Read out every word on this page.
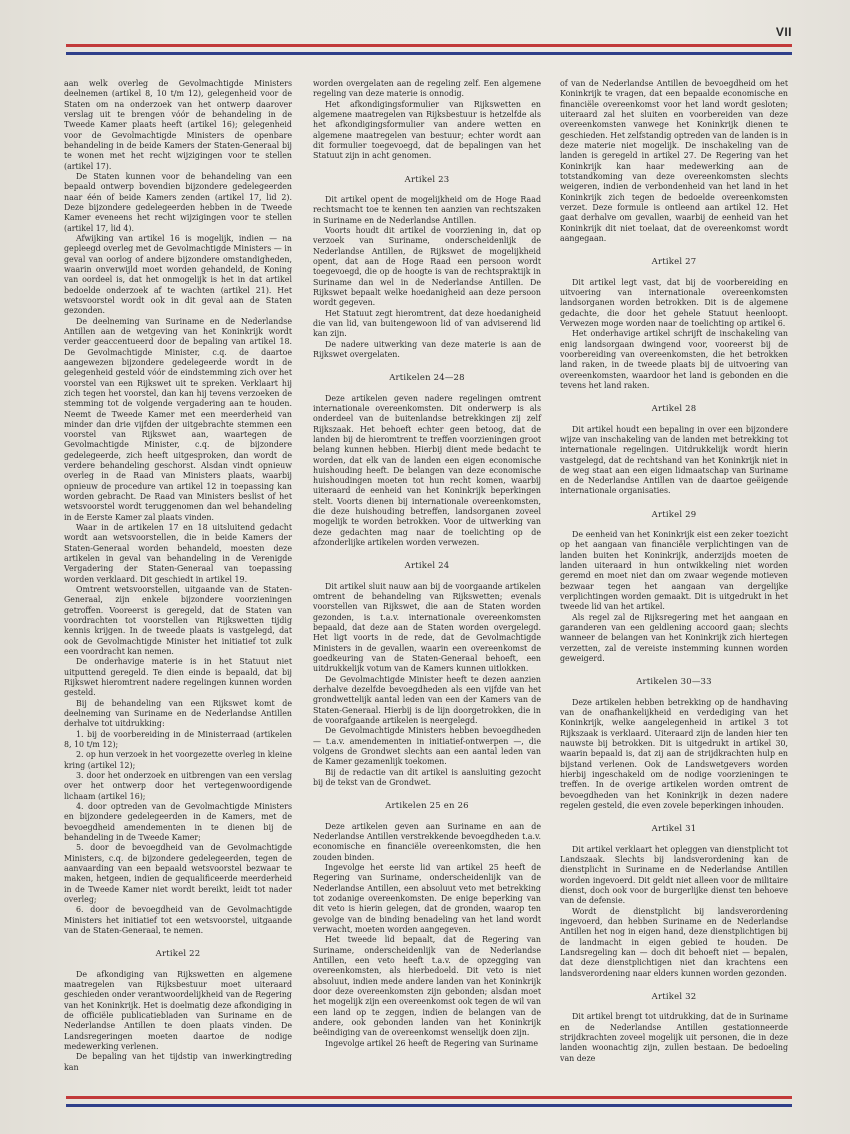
VII

aan welk overleg de Gevolmachtigde Ministers deelnemen (artikel 8, 10 t/m 12), gelegenheid voor de Staten om na onderzoek van het ontwerp daarover verslag uit te brengen vóór de behandeling in de Tweede Kamer plaats heeft (artikel 16); gelegenheid voor de Gevolmachtigde Ministers de openbare behandeling in de beide Kamers der Staten-Generaal bij te wonen met het recht wijzigingen voor te stellen (artikel 17).

De Staten kunnen voor de behandeling van een bepaald ontwerp bovendien bijzondere gedelegeerden naar één of beide Kamers zenden (artikel 17, lid 2). Deze bijzondere gedelegeerden hebben in de Tweede Kamer eveneens het recht wijzigingen voor te stellen (artikel 17, lid 4).

Afwijking van artikel 16 is mogelijk, indien — na gepleegd overleg met de Gevolmachtigde Ministers — in geval van oorlog of andere bijzondere omstandigheden, waarin onverwijld moet worden gehandeld, de Koning van oordeel is, dat het onmogelijk is het in dat artikel bedoelde onderzoek af te wachten (artikel 21). Het wetsvoorstel wordt ook in dit geval aan de Staten gezonden.

De deelneming van Suriname en de Nederlandse Antillen aan de wetgeving van het Koninkrijk wordt verder geaccentueerd door de bepaling van artikel 18. De Gevolmachtigde Minister, c.q. de daartoe aangewezen bijzondere gedelegeerde wordt in de gelegenheid gesteld vóór de eindstemming zich over het voorstel van een Rijkswet uit te spreken. Verklaart hij zich tegen het voorstel, dan kan hij tevens verzoeken de stemming tot de volgende vergadering aan te houden. Neemt de Tweede Kamer met een meerderheid van minder dan drie vijfden der uitgebrachte stemmen een voorstel van Rijkswet aan, waartegen de Gevolmachtigde Minister, c.q. de bijzondere gedelegeerde, zich heeft uitgesproken, dan wordt de verdere behandeling geschorst. Alsdan vindt opnieuw overleg in de Raad van Ministers plaats, waarbij opnieuw de procedure van artikel 12 in toepassing kan worden gebracht. De Raad van Ministers beslist of het wetsvoorstel wordt teruggenomen dan wel behandeling in de Eerste Kamer zal plaats vinden.

Waar in de artikelen 17 en 18 uitsluitend gedacht wordt aan wetsvoorstellen, die in beide Kamers der Staten-Generaal worden behandeld, moesten deze artikelen in geval van behandeling in de Verenigde Vergadering der Staten-Generaal van toepassing worden verklaard. Dit geschiedt in artikel 19.

Omtrent wetsvoorstellen, uitgaande van de Staten-Generaal, zijn enkele bijzondere voorzieningen getroffen. Vooreerst is geregeld, dat de Staten van voordrachten tot voorstellen van Rijkswetten tijdig kennis krijgen. In de tweede plaats is vastgelegd, dat ook de Gevolmachtigde Minister het initiatief tot zulk een voordracht kan nemen.

De onderhavige materie is in het Statuut niet uitputtend geregeld. Te dien einde is bepaald, dat bij Rijkswet hieromtrent nadere regelingen kunnen worden gesteld.

Bij de behandeling van een Rijkswet komt de deelneming van Suriname en de Nederlandse Antillen derhalve tot uitdrukking:

1. bij de voorbereiding in de Ministerraad (artikelen 8, 10 t/m 12);

2. op hun verzoek in het voorgezette overleg in kleine kring (artikel 12);

3. door het onderzoek en uitbrengen van een verslag over het ontwerp door het vertegenwoordigende lichaam (artikel 16);

4. door optreden van de Gevolmachtigde Ministers en bijzondere gedelegeerden in de Kamers, met de bevoegdheid amendementen in te dienen bij de behandeling in de Tweede Kamer;

5. door de bevoegdheid van de Gevolmachtigde Ministers, c.q. de bijzondere gedelegeerden, tegen de aanvaarding van een bepaald wetsvoorstel bezwaar te maken, hetgeen, indien de gequalificeerde meerderheid in de Tweede Kamer niet wordt bereikt, leidt tot nader overleg;

6. door de bevoegdheid van de Gevolmachtigde Ministers het initiatief tot een wetsvoorstel, uitgaande van de Staten-Generaal, te nemen.

Artikel 22

De afkondiging van Rijkswetten en algemene maatregelen van Rijksbestuur moet uiteraard geschieden onder verantwoordelijkheid van de Regering van het Koninkrijk. Het is doelmatig deze afkondiging in de officiële publicatiebladen van Suriname en de Nederlandse Antillen te doen plaats vinden. De Landsregeringen moeten daartoe de nodige medewerking verlenen.

De bepaling van het tijdstip van inwerkingtreding kan

worden overgelaten aan de regeling zelf. Een algemene regeling van deze materie is onnodig.

Het afkondigingsformulier van Rijkswetten en algemene maatregelen van Rijksbestuur is hetzelfde als het afkondigingsformulier van andere wetten en algemene maatregelen van bestuur; echter wordt aan dit formulier toegevoegd, dat de bepalingen van het Statuut zijn in acht genomen.

Artikel 23

Dit artikel opent de mogelijkheid om de Hoge Raad rechtsmacht toe te kennen ten aanzien van rechtszaken in Suriname en de Nederlandse Antillen.

Voorts houdt dit artikel de voorziening in, dat op verzoek van Suriname, onderscheidenlijk de Nederlandse Antillen, de Rijkswet de mogelijkheid opent, dat aan de Hoge Raad een persoon wordt toegevoegd, die op de hoogte is van de rechtspraktijk in Suriname dan wel in de Nederlandse Antillen. De Rijkswet bepaalt welke hoedanigheid aan deze persoon wordt gegeven.

Het Statuut zegt hieromtrent, dat deze hoedanigheid die van lid, van buitengewoon lid of van adviserend lid kan zijn.

De nadere uitwerking van deze materie is aan de Rijkswet overgelaten.

Artikelen 24—28

Deze artikelen geven nadere regelingen omtrent internationale overeenkomsten. Dit onderwerp is als onderdeel van de buitenlandse betrekkingen zij zelf Rijkszaak. Het behoeft echter geen betoog, dat de landen bij de hieromtrent te treffen voorzieningen groot belang kunnen hebben. Hierbij dient mede bedacht te worden, dat elk van de landen een eigen economische huishouding heeft. De belangen van deze economische huishoudingen moeten tot hun recht komen, waarbij uiteraard de eenheid van het Koninkrijk beperkingen stelt. Voorts dienen bij internationale overeenkomsten, die deze huishouding betreffen, landsorganen zoveel mogelijk te worden betrokken. Voor de uitwerking van deze gedachten mag naar de toelichting op de afzonderlijke artikelen worden verwezen.

Artikel 24

Dit artikel sluit nauw aan bij de voorgaande artikelen omtrent de behandeling van Rijkswetten; evenals voorstellen van Rijkswet, die aan de Staten worden gezonden, is t.a.v. internationale overeenkomsten bepaald, dat deze aan de Staten worden overgelegd. Het ligt voorts in de rede, dat de Gevolmachtigde Ministers in de gevallen, waarin een overeenkomst de goedkeuring van de Staten-Generaal behoeft, een uitdrukkelijk votum van de Kamers kunnen uitlokken.

De Gevolmachtigde Minister heeft te dezen aanzien derhalve dezelfde bevoegdheden als een vijfde van het grondwettelijk aantal leden van een der Kamers van de Staten-Generaal. Hierbij is de lijn doorgetrokken, die in de voorafgaande artikelen is neergelegd.

De Gevolmachtigde Ministers hebben bevoegdheden — t.a.v. amendementen in initiatief-ontwerpen —, die volgens de Grondwet slechts aan een aantal leden van de Kamer gezamenlijk toekomen.

Bij de redactie van dit artikel is aansluiting gezocht bij de tekst van de Grondwet.

Artikelen 25 en 26

Deze artikelen geven aan Suriname en aan de Nederlandse Antillen verstrekkende bevoegdheden t.a.v. economische en financiële overeenkomsten, die hen zouden binden.

Ingevolge het eerste lid van artikel 25 heeft de Regering van Suriname, onderscheidenlijk van de Nederlandse Antillen, een absoluut veto met betrekking tot zodanige overeenkomsten. De enige beperking van dit veto is hierin gelegen, dat de gronden, waarop ten gevolge van de binding benadeling van het land wordt verwacht, moeten worden aangegeven.

Het tweede lid bepaalt, dat de Regering van Suriname, onderscheidenlijk van de Nederlandse Antillen, een veto heeft t.a.v. de opzegging van overeenkomsten, als hierbedoeld. Dit veto is niet absoluut, indien mede andere landen van het Koninkrijk door deze overeenkomsten zijn gebonden; alsdan moet het mogelijk zijn een overeenkomst ook tegen de wil van een land op te zeggen, indien de belangen van de andere, ook gebonden landen van het Koninkrijk beëindiging van de overeenkomst wenselijk doen zijn.

Ingevolge artikel 26 heeft de Regering van Suriname

of van de Nederlandse Antillen de bevoegdheid om het Koninkrijk te vragen, dat een bepaalde economische en financiële overeenkomst voor het land wordt gesloten; uiteraard zal het sluiten en voorbereiden van deze overeenkomsten vanwege het Koninkrijk dienen te geschieden. Het zelfstandig optreden van de landen is in deze materie niet mogelijk. De inschakeling van de landen is geregeld in artikel 27. De Regering van het Koninkrijk kan haar medewerking aan de totstandkoming van deze overeenkomsten slechts weigeren, indien de verbondenheid van het land in het Koninkrijk zich tegen de bedoelde overeenkomsten verzet. Deze formule is ontleend aan artikel 12. Het gaat derhalve om gevallen, waarbij de eenheid van het Koninkrijk dit niet toelaat, dat de overeenkomst wordt aangegaan.

Artikel 27

Dit artikel legt vast, dat bij de voorbereiding en uitvoering van internationale overeenkomsten landsorganen worden betrokken. Dit is de algemene gedachte, die door het gehele Statuut heenloopt. Verwezen moge worden naar de toelichting op artikel 6.

Het onderhavige artikel schrijft de inschakeling van enig landsorgaan dwingend voor, vooreerst bij de voorbereiding van overeenkomsten, die het betrokken land raken, in de tweede plaats bij de uitvoering van overeenkomsten, waardoor het land is gebonden en die tevens het land raken.

Artikel 28

Dit artikel houdt een bepaling in over een bijzondere wijze van inschakeling van de landen met betrekking tot internationale regelingen. Uitdrukkelijk wordt hierin vastgelegd, dat de rechtshand van het Koninkrijk niet in de weg staat aan een eigen lidmaatschap van Suriname en de Nederlandse Antillen van de daartoe geëigende internationale organisaties.

Artikel 29

De eenheid van het Koninkrijk eist een zeker toezicht op het aangaan van financiële verplichtingen van de landen buiten het Koninkrijk, anderzijds moeten de landen uiteraard in hun ontwikkeling niet worden geremd en moet niet dan om zwaar wegende motieven bezwaar tegen het aangaan van dergelijke verplichtingen worden gemaakt. Dit is uitgedrukt in het tweede lid van het artikel.

Als regel zal de Rijksregering met het aangaan en garanderen van een geldlening accoord gaan; slechts wanneer de belangen van het Koninkrijk zich hiertegen verzetten, zal de vereiste instemming kunnen worden geweigerd.

Artikelen 30—33

Deze artikelen hebben betrekking op de handhaving van de onafhankelijkheid en verdediging van het Koninkrijk, welke aangelegenheid in artikel 3 tot Rijkszaak is verklaard. Uiteraard zijn de landen hier ten nauwste bij betrokken. Dit is uitgedrukt in artikel 30, waarin bepaald is, dat zij aan de strijdkrachten hulp en bijstand verlenen. Ook de Landswetgevers worden hierbij ingeschakeld om de nodige voorzieningen te treffen. In de overige artikelen worden omtrent de bevoegdheden van het Koninkrijk in dezen nadere regelen gesteld, die even zovele beperkingen inhouden.

Artikel 31

Dit artikel verklaart het opleggen van dienstplicht tot Landszaak. Slechts bij landsverordening kan de dienstplicht in Suriname en de Nederlandse Antillen worden ingevoerd. Dit geldt niet alleen voor de militaire dienst, doch ook voor de burgerlijke dienst ten behoeve van de defensie.

Wordt de dienstplicht bij landsverordening ingevoerd, dan hebben Suriname en de Nederlandse Antillen het nog in eigen hand, deze dienstplichtigen bij de landmacht in eigen gebied te houden. De Landsregeling kan — doch dit behoeft niet — bepalen, dat deze dienstplichtigen niet dan krachtens een landsverordening naar elders kunnen worden gezonden.

Artikel 32

Dit artikel brengt tot uitdrukking, dat de in Suriname en de Nederlandse Antillen gestationneerde strijdkrachten zoveel mogelijk uit personen, die in deze landen woonachtig zijn, zullen bestaan. De bedoeling van deze
